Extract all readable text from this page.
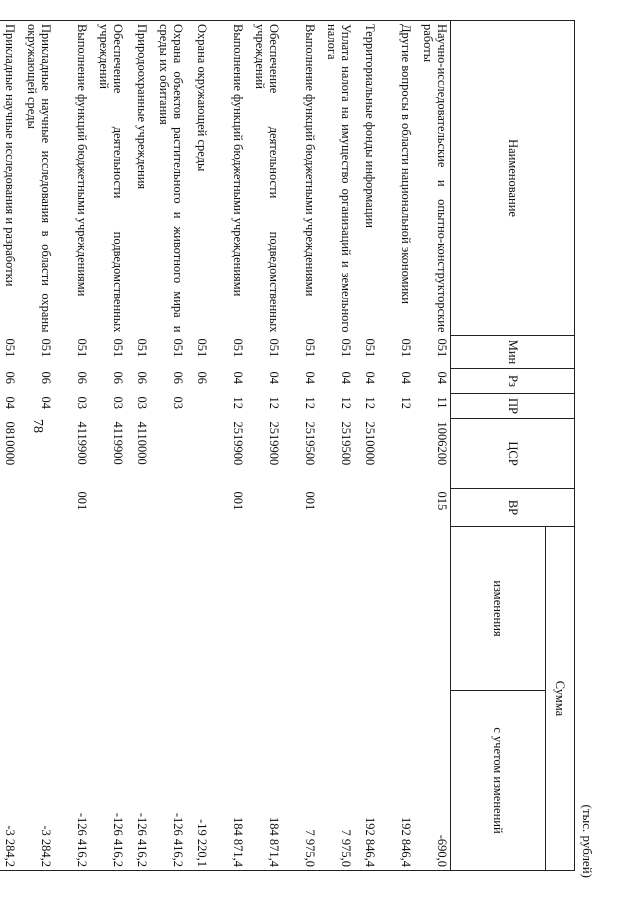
78
(тыс. рублей)
Наименование	Мин	Рз	ПР	ЦСР	ВР	Сумма	
						изменения	с учетом изменений
Научно-исследовательские и опытно-конструкторские работы	051	04	11	1006200	015		-690,0
Другие вопросы в области национальной экономики	051	04	12				192 846,4
Территориальные фонды информации	051	04	12	2510000			192 846,4
Уплата налога на имущество организаций и земельного налога	051	04	12	2519500			7 975,0
Выполнение функций бюджетными учреждениями	051	04	12	2519500	001		7 975,0
Обеспечение деятельности подведомственных учреждений	051	04	12	2519900			184 871,4
Выполнение функций бюджетными учреждениями	051	04	12	2519900	001		184 871,4
Охрана окружающей среды	051	06					-19 220,1
Охрана объектов растительного и животного мира и среды их обитания	051	06	03				-126 416,2
Природоохранные учреждения	051	06	03	4110000			-126 416,2
Обеспечение деятельности подведомственных учреждений	051	06	03	4119900			-126 416,2
Выполнение функций бюджетными учреждениями	051	06	03	4119900	001		-126 416,2
Прикладные научные исследования в области охраны окружающей среды	051	06	04				-3 284,2
Прикладные научные исследования и разработки	051	06	04	0810000			-3 284,2
